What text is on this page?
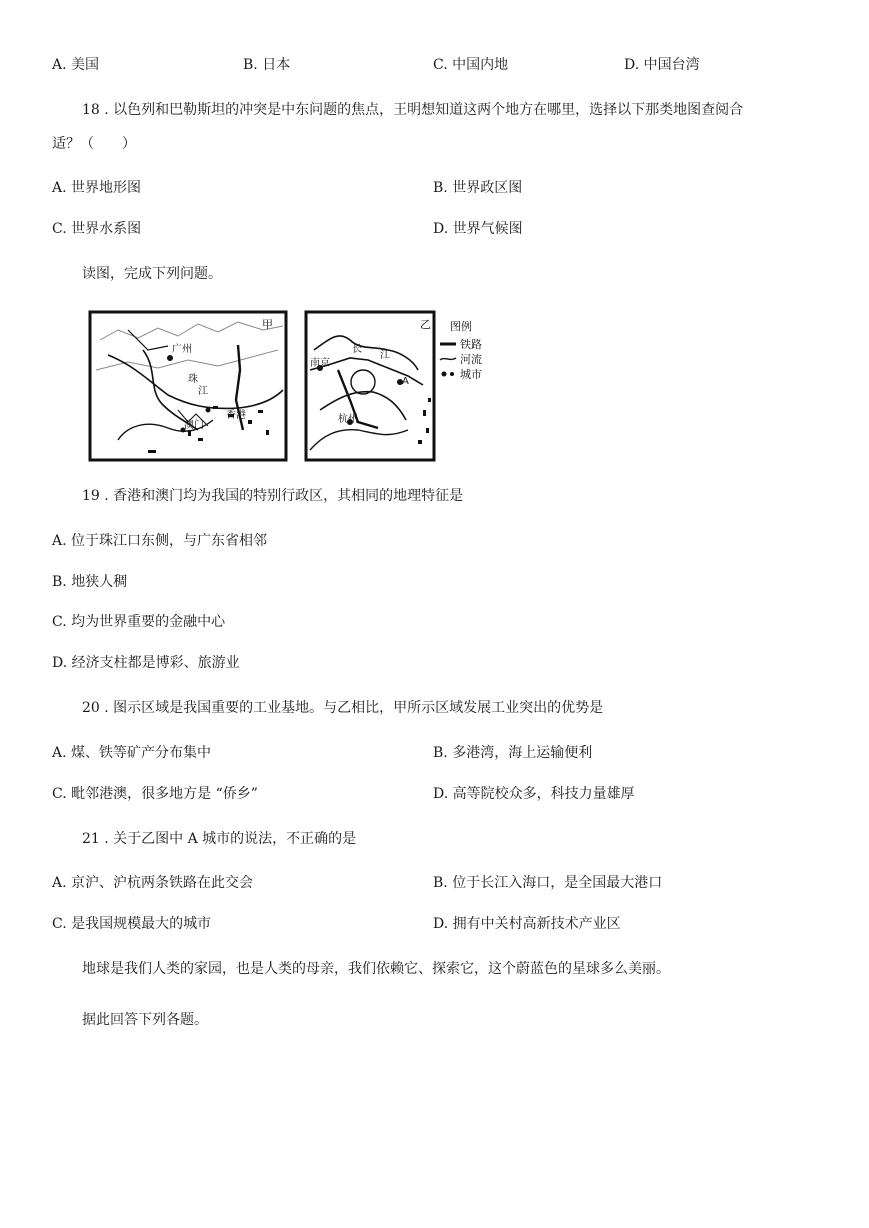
A. 美国	B. 日本	C. 中国内地	D. 中国台湾
18 . 以色列和巴勒斯坦的冲突是中东问题的焦点，王明想知道这两个地方在哪里，选择以下那类地图查阅合
适？（　　）
A. 世界地形图	B. 世界政区图
C. 世界水系图	D. 世界气候图
读图，完成下列问题。
甲
广州
珠
江
香港
澳门
乙
长
江
南京
A
杭州
图例
铁路
河流
城市
19 . 香港和澳门均为我国的特别行政区，其相同的地理特征是
A. 位于珠江口东侧，与广东省相邻
B. 地狭人稠
C. 均为世界重要的金融中心
D. 经济支柱都是博彩、旅游业
20 . 图示区域是我国重要的工业基地。与乙相比，甲所示区域发展工业突出的优势是
A. 煤、铁等矿产分布集中	B. 多港湾，海上运输便利
C. 毗邻港澳，很多地方是 “侨乡”	D. 高等院校众多，科技力量雄厚
21 . 关于乙图中 A 城市的说法，不正确的是
A. 京沪、沪杭两条铁路在此交会	B. 位于长江入海口，是全国最大港口
C. 是我国规模最大的城市	D. 拥有中关村高新技术产业区
地球是我们人类的家园，也是人类的母亲，我们依赖它、探索它，这个蔚蓝色的星球多么美丽。
据此回答下列各题。
